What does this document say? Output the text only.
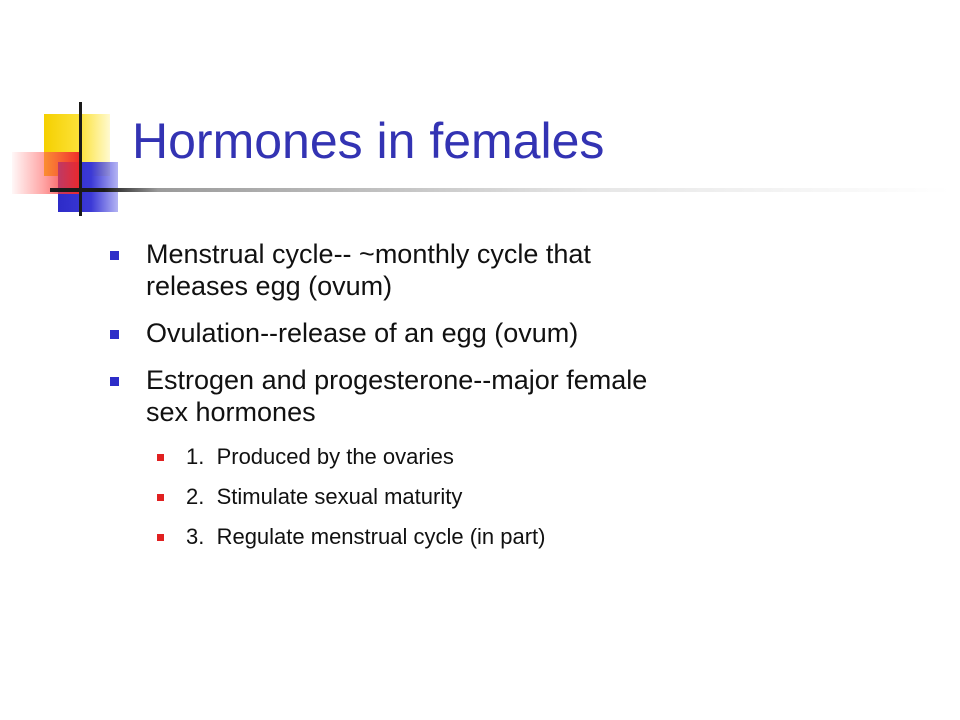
Hormones in females
Menstrual cycle-- ~monthly cycle that
releases egg (ovum)
Ovulation--release of an egg (ovum)
Estrogen and progesterone--major female
sex hormones
1.  Produced by the ovaries
2.  Stimulate sexual maturity
3.  Regulate menstrual cycle (in part)
